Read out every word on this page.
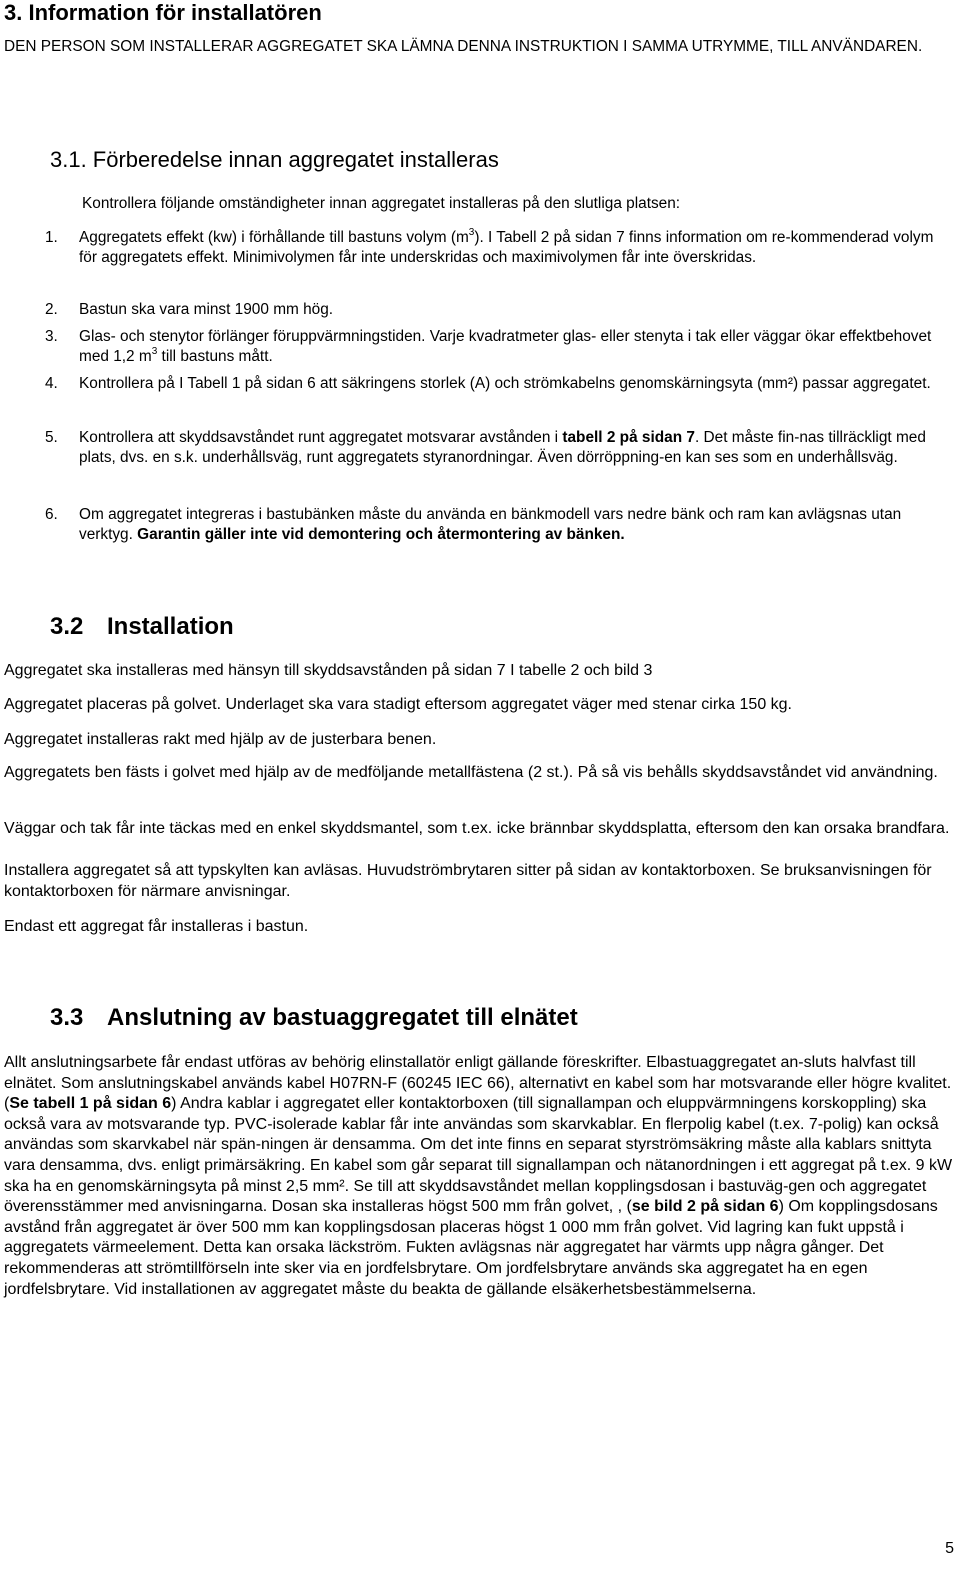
3. Information för installatören
DEN PERSON SOM INSTALLERAR AGGREGATET SKA LÄMNA DENNA INSTRUKTION I SAMMA UTRYMME, TILL ANVÄNDAREN.
3.1. Förberedelse innan aggregatet installeras
Kontrollera följande omständigheter innan aggregatet installeras på den slutliga platsen:
1.	Aggregatets effekt (kw) i förhållande till bastuns volym $(m^3)$. I Tabell 2 på sidan 7 finns information om re-kommenderad volym för aggregatets effekt. Minimivolymen får inte underskridas och maximivolymen får inte överskridas.
2.	Bastun ska vara minst 1900 mm hög.
3.	Glas- och stenytor förlänger föruppvärmningstiden. Varje kvadratmeter glas- eller stenyta i tak eller väggar ökar effektbehovet med 1,2 $m^3$ till bastuns mått.
4.	Kontrollera på I Tabell 1 på sidan 6 att säkringens storlek (A) och strömkabelns genomskärningsyta (mm²) passar aggregatet.
5.	Kontrollera att skyddsavståndet runt aggregatet motsvarar avstånden i tabell 2 på sidan 7. Det måste fin-nas tillräckligt med plats, dvs. en s.k. underhållsväg, runt aggregatets styranordningar. Även dörröppning-en kan ses som en underhållsväg.
6.	Om aggregatet integreras i bastubänken måste du använda en bänkmodell vars nedre bänk och ram kan avlägsnas utan verktyg. Garantin gäller inte vid demontering och återmontering av bänken.
3.2 Installation
Aggregatet ska installeras med hänsyn till skyddsavstånden på sidan 7 I tabelle 2 och bild 3
Aggregatet placeras på golvet. Underlaget ska vara stadigt eftersom aggregatet väger med stenar cirka 150 kg.
Aggregatet installeras rakt med hjälp av de justerbara benen.
Aggregatets ben fästs i golvet med hjälp av de medföljande metallfästena (2 st.). På så vis behålls skyddsavståndet vid användning.
Väggar och tak får inte täckas med en enkel skyddsmantel, som t.ex. icke brännbar skyddsplatta, eftersom den kan orsaka brandfara.
Installera aggregatet så att typskylten kan avläsas. Huvudströmbrytaren sitter på sidan av kontaktorboxen. Se bruksanvisningen för kontaktorboxen för närmare anvisningar.
Endast ett aggregat får installeras i bastun.
3.3 Anslutning av bastuaggregatet till elnätet
Allt anslutningsarbete får endast utföras av behörig elinstallatör enligt gällande föreskrifter. Elbastuaggregatet an-sluts halvfast till elnätet. Som anslutningskabel används kabel H07RN-F (60245 IEC 66), alternativt en kabel som har motsvarande eller högre kvalitet. (Se tabell 1 på sidan 6) Andra kablar i aggregatet eller kontaktorboxen (till signallampan och eluppvärmningens korskoppling) ska också vara av motsvarande typ. PVC-isolerade kablar får inte användas som skarvkablar. En flerpolig kabel (t.ex. 7-polig) kan också användas som skarvkabel när spän-ningen är densamma. Om det inte finns en separat styrströmsäkring måste alla kablars snittyta vara densamma, dvs. enligt primärsäkring. En kabel som går separat till signallampan och nätanordningen i ett aggregat på t.ex. 9 kW ska ha en genomskärningsyta på minst 2,5 mm². Se till att skyddsavståndet mellan kopplingsdosan i bastuväg-gen och aggregatet överensstämmer med anvisningarna. Dosan ska installeras högst 500 mm från golvet, , (se bild 2 på sidan 6) Om kopplingsdosans avstånd från aggregatet är över 500 mm kan kopplingsdosan placeras högst 1 000 mm från golvet. Vid lagring kan fukt uppstå i aggregatets värmeelement. Detta kan orsaka läckström. Fukten avlägsnas när aggregatet har värmts upp några gånger. Det rekommenderas att strömtillförseln inte sker via en jordfelsbrytare. Om jordfelsbrytare används ska aggregatet ha en egen jordfelsbrytare. Vid installationen av aggregatet måste du beakta de gällande elsäkerhetsbestämmelserna.
5
